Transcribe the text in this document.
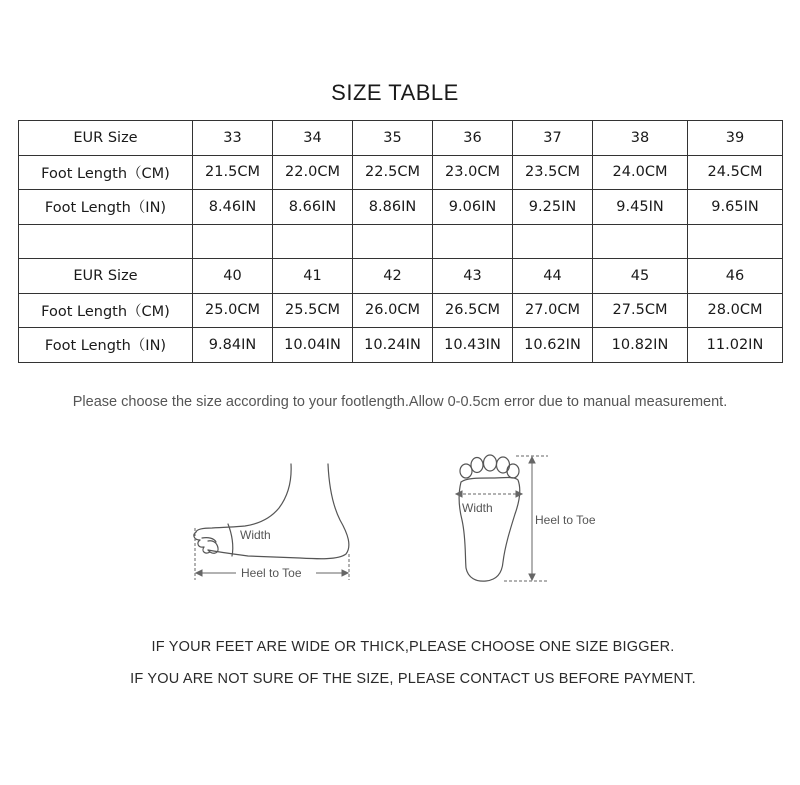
SIZE TABLE
EUR Size	33	34	35	36	37	38	39
Foot Length（CM)	21.5CM	22.0CM	22.5CM	23.0CM	23.5CM	24.0CM	24.5CM
Foot Length（IN)	8.46IN	8.66IN	8.86IN	9.06IN	9.25IN	9.45IN	9.65IN

EUR Size	40	41	42	43	44	45	46
Foot Length（CM)	25.0CM	25.5CM	26.0CM	26.5CM	27.0CM	27.5CM	28.0CM
Foot Length（IN)	9.84IN	10.04IN	10.24IN	10.43IN	10.62IN	10.82IN	11.02IN
Please choose the size according to your footlength.Allow 0-0.5cm error due to manual measurement.
Width
Heel to Toe
Width
Heel to Toe
IF YOUR FEET ARE WIDE OR THICK,PLEASE CHOOSE ONE SIZE BIGGER.
IF YOU ARE NOT SURE OF THE SIZE, PLEASE CONTACT US BEFORE PAYMENT.
